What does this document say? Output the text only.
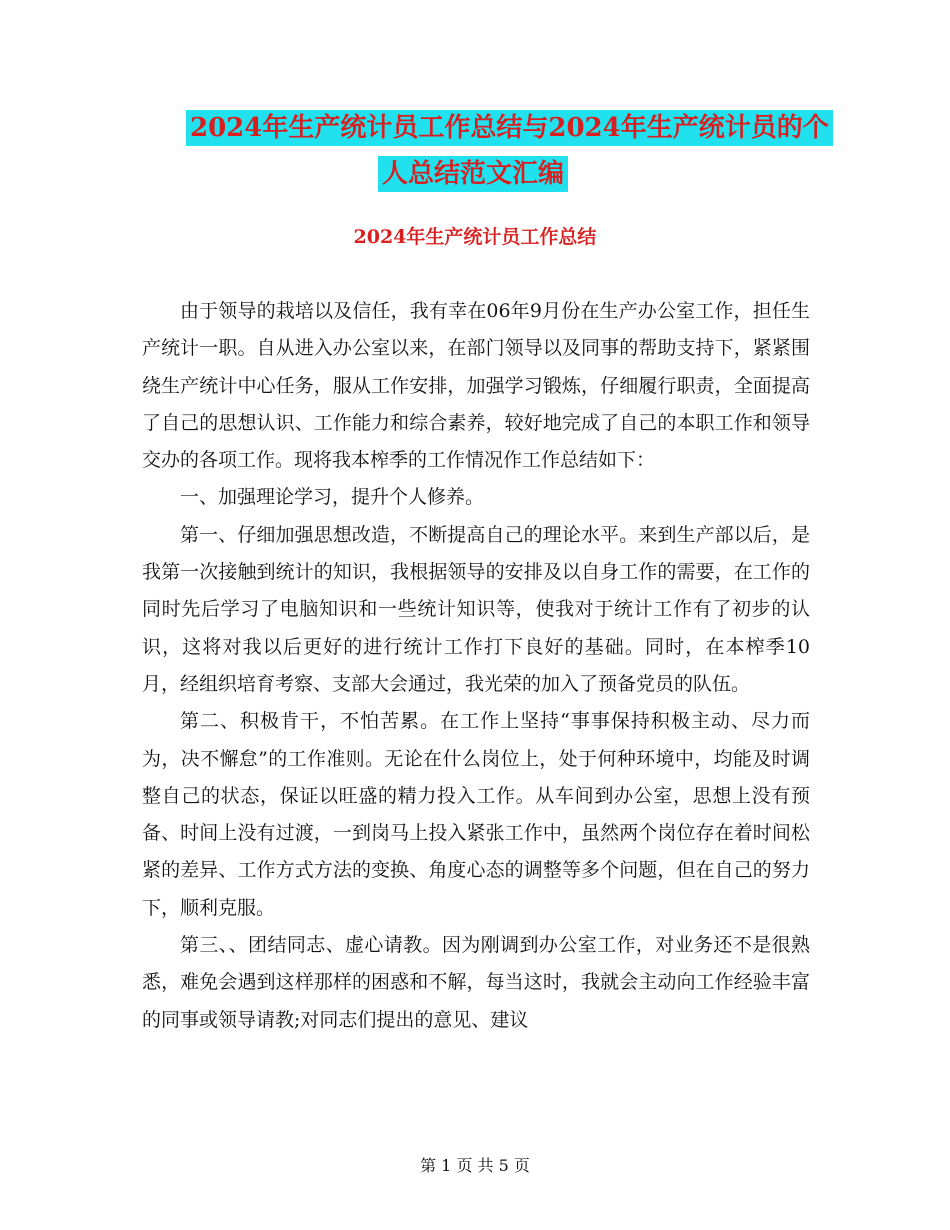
2024年生产统计员工作总结与2024年生产统计员的个
人总结范文汇编
2024年生产统计员工作总结

由于领导的栽培以及信任，我有幸在06年9月份在生产办公室工作，担任生产统计一职。自从进入办公室以来，在部门领导以及同事的帮助支持下，紧紧围绕生产统计中心任务，服从工作安排，加强学习锻炼，仔细履行职责，全面提高了自己的思想认识、工作能力和综合素养，较好地完成了自己的本职工作和领导交办的各项工作。现将我本榨季的工作情况作工作总结如下：

一、加强理论学习，提升个人修养。

第一、仔细加强思想改造，不断提高自己的理论水平。来到生产部以后，是我第一次接触到统计的知识，我根据领导的安排及以自身工作的需要，在工作的同时先后学习了电脑知识和一些统计知识等，使我对于统计工作有了初步的认识，这将对我以后更好的进行统计工作打下良好的基础。同时，在本榨季10月，经组织培育考察、支部大会通过，我光荣的加入了预备党员的队伍。

第二、积极肯干，不怕苦累。在工作上坚持“事事保持积极主动、尽力而为，决不懈怠”的工作准则。无论在什么岗位上，处于何种环境中，均能及时调整自己的状态，保证以旺盛的精力投入工作。从车间到办公室，思想上没有预备、时间上没有过渡，一到岗马上投入紧张工作中，虽然两个岗位存在着时间松紧的差异、工作方式方法的变换、角度心态的调整等多个问题，但在自己的努力下，顺利克服。

第三、、团结同志、虚心请教。因为刚调到办公室工作，对业务还不是很熟悉，难免会遇到这样那样的困惑和不解，每当这时，我就会主动向工作经验丰富的同事或领导请教;对同志们提出的意见、建议

第 1 页 共 5 页
